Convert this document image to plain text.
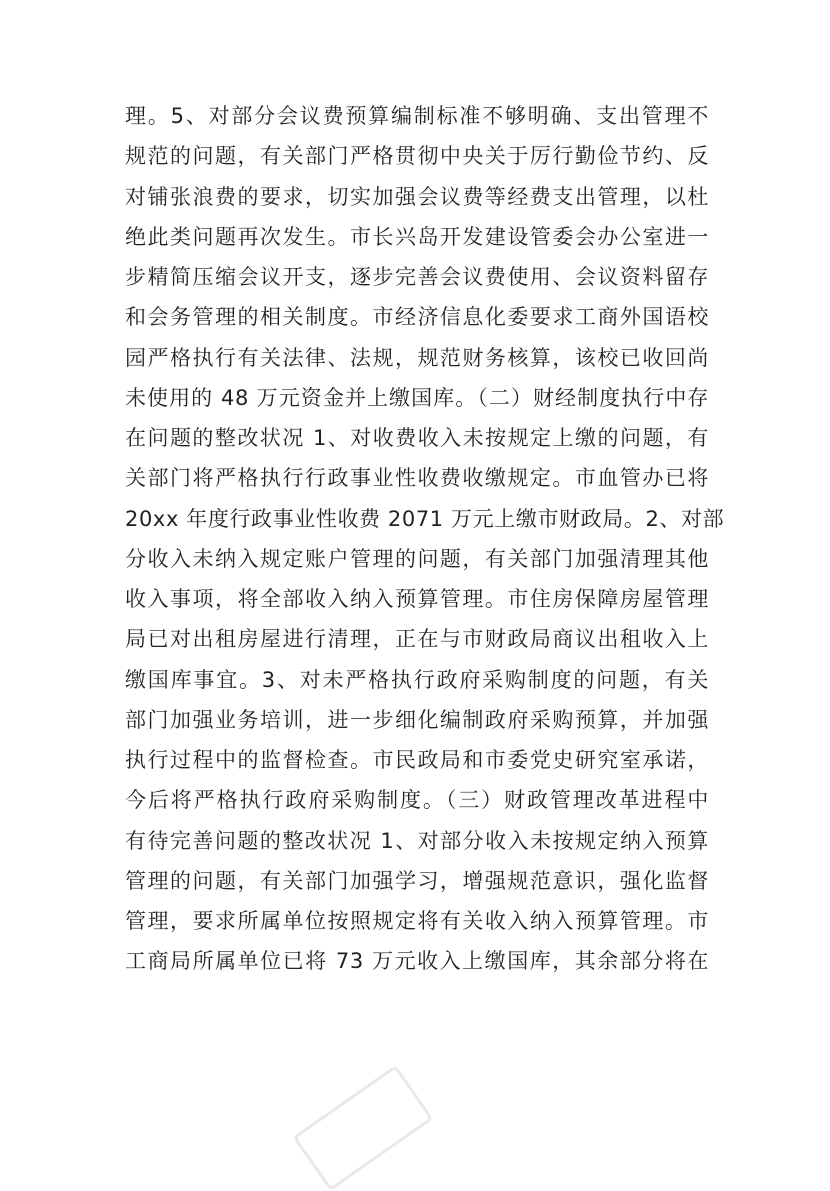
理。5、对部分会议费预算编制标准不够明确、支出管理不
规范的问题，有关部门严格贯彻中央关于厉行勤俭节约、反
对铺张浪费的要求，切实加强会议费等经费支出管理，以杜
绝此类问题再次发生。市长兴岛开发建设管委会办公室进一
步精简压缩会议开支，逐步完善会议费使用、会议资料留存
和会务管理的相关制度。市经济信息化委要求工商外国语校
园严格执行有关法律、法规，规范财务核算，该校已收回尚
未使用的 48 万元资金并上缴国库。（二）财经制度执行中存
在问题的整改状况 1、对收费收入未按规定上缴的问题，有
关部门将严格执行行政事业性收费收缴规定。市血管办已将
20xx 年度行政事业性收费 2071 万元上缴市财政局。2、对部
分收入未纳入规定账户管理的问题，有关部门加强清理其他
收入事项，将全部收入纳入预算管理。市住房保障房屋管理
局已对出租房屋进行清理，正在与市财政局商议出租收入上
缴国库事宜。3、对未严格执行政府采购制度的问题，有关
部门加强业务培训，进一步细化编制政府采购预算，并加强
执行过程中的监督检查。市民政局和市委党史研究室承诺，
今后将严格执行政府采购制度。（三）财政管理改革进程中
有待完善问题的整改状况 1、对部分收入未按规定纳入预算
管理的问题，有关部门加强学习，增强规范意识，强化监督
管理，要求所属单位按照规定将有关收入纳入预算管理。市
工商局所属单位已将 73 万元收入上缴国库，其余部分将在
